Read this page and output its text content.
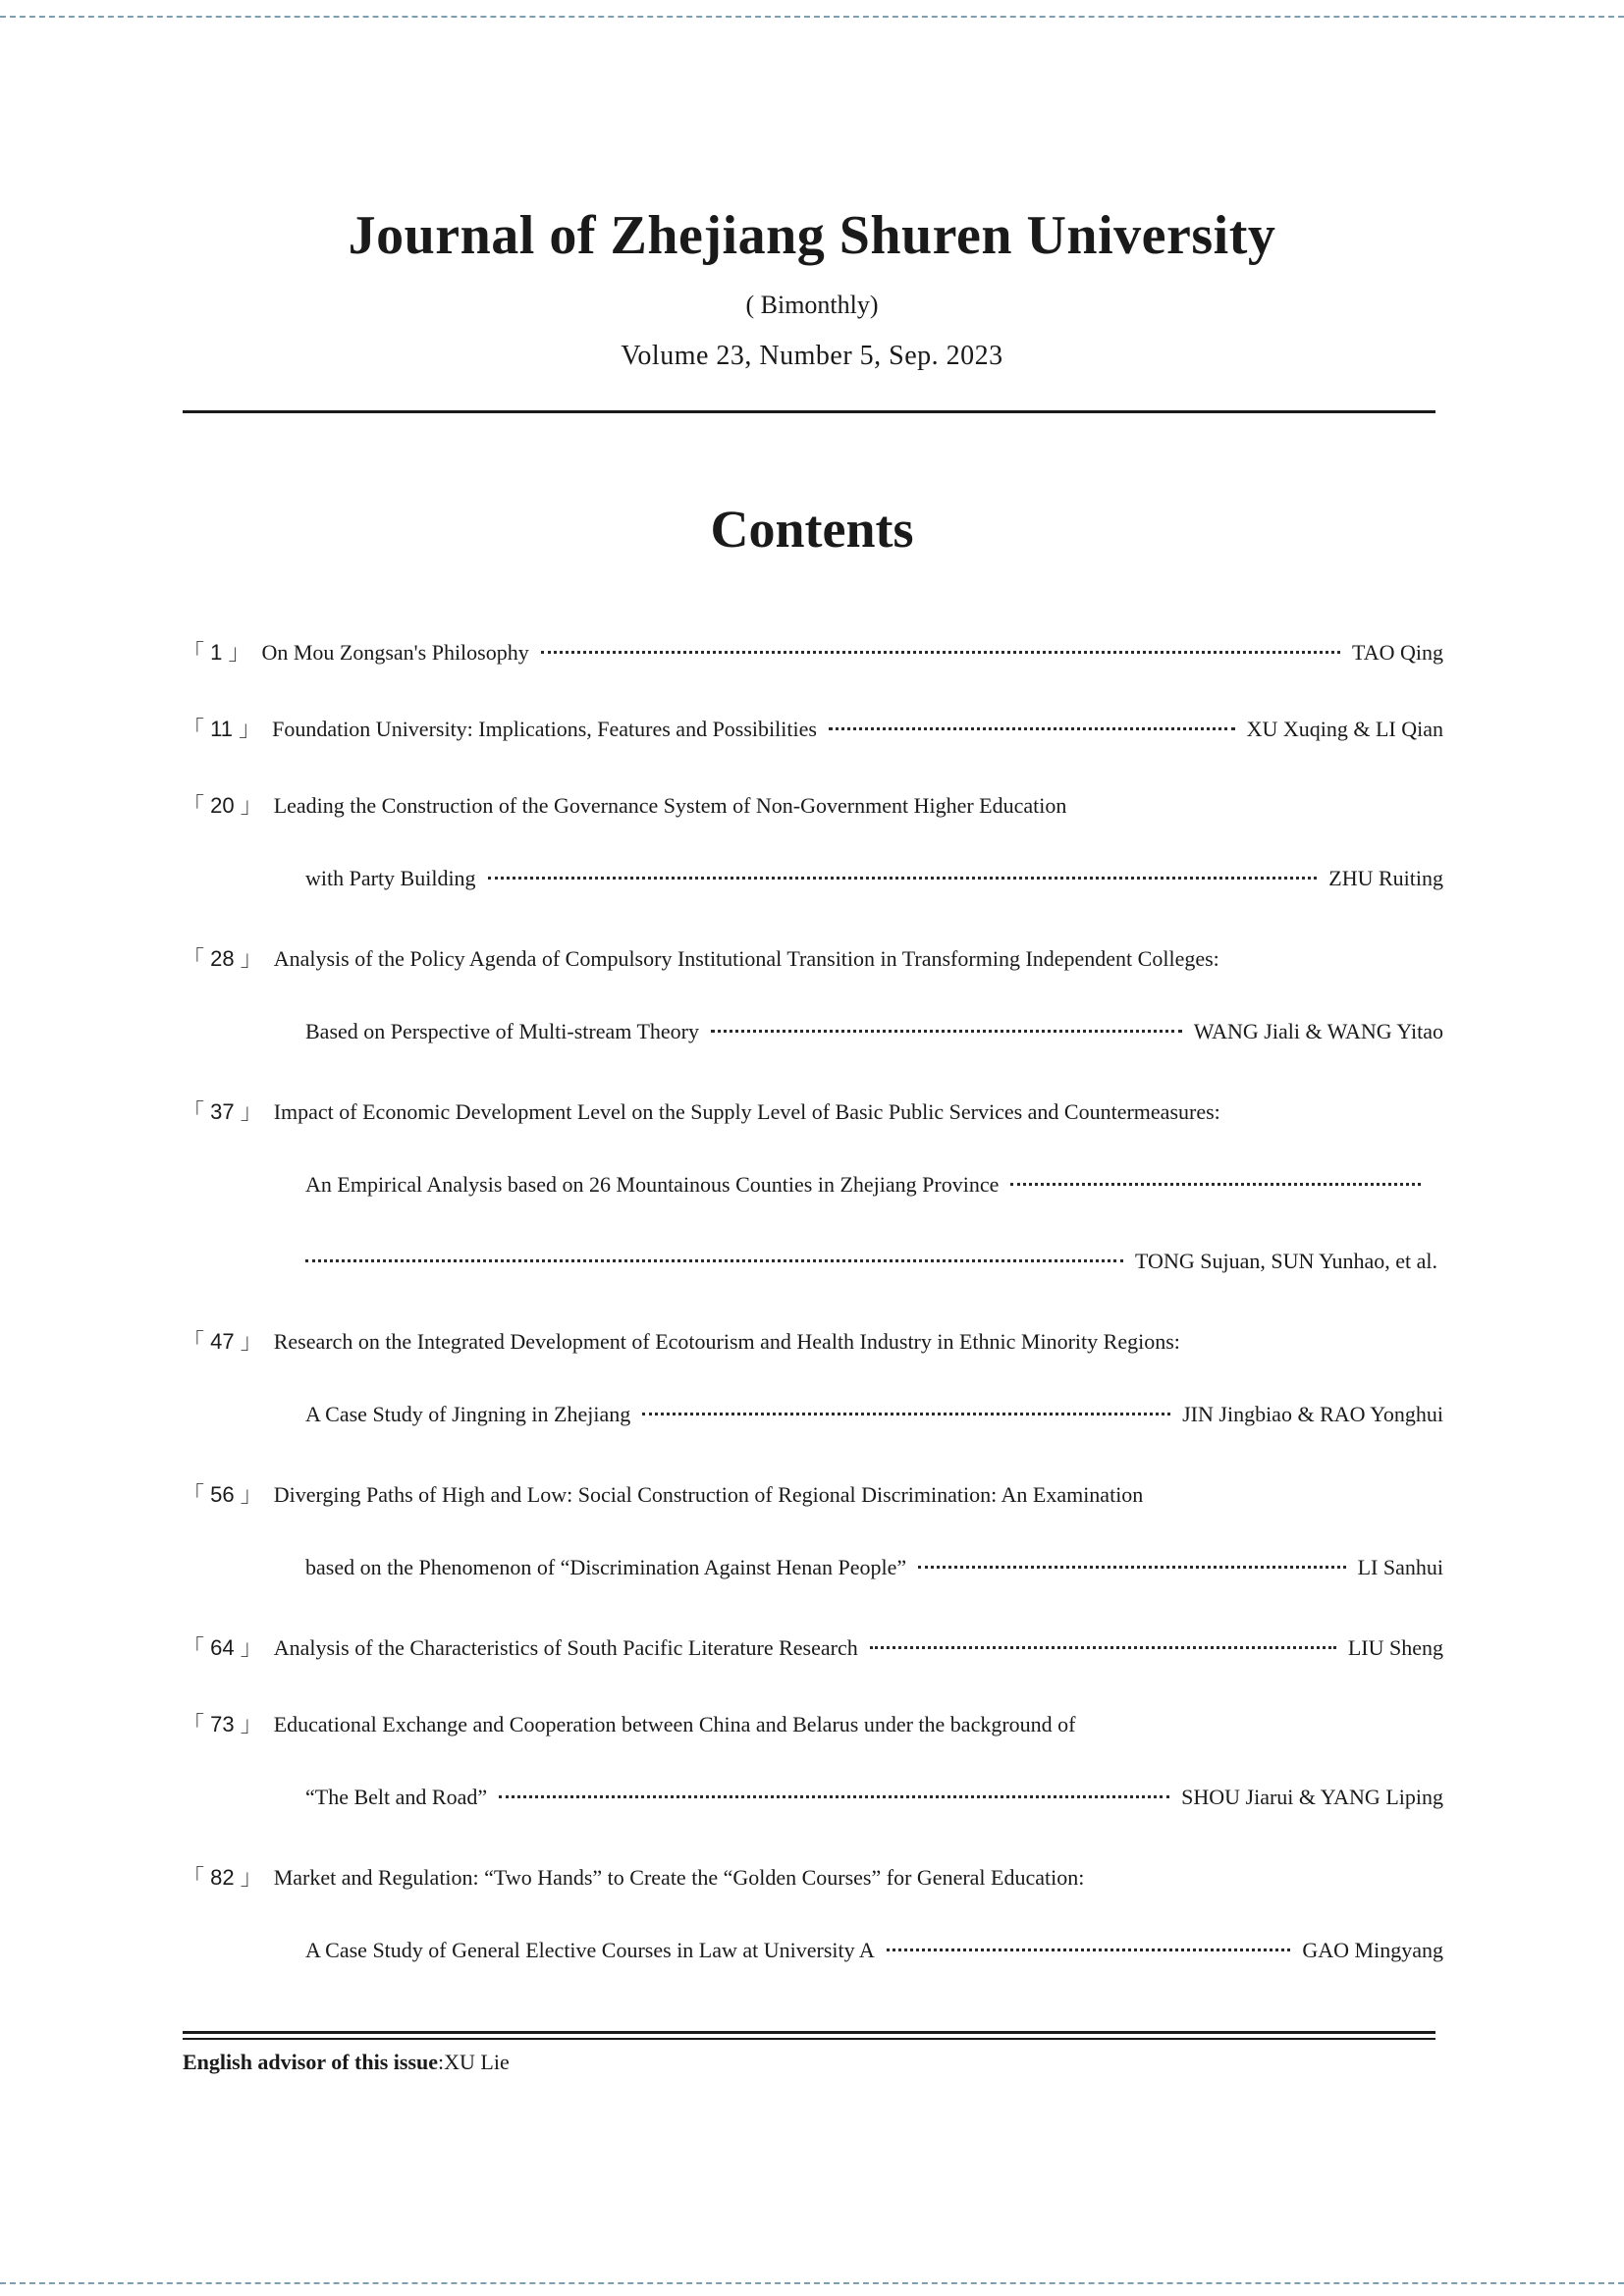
Journal of Zhejiang Shuren University
( Bimonthly)
Volume 23, Number 5, Sep. 2023
Contents
「 1 」 On Mou Zongsan's Philosophy	TAO Qing
「 11 」 Foundation University: Implications, Features and Possibilities	XU Xuqing & LI Qian
「 20 」 Leading the Construction of the Governance System of Non-Government Higher Education
with Party Building	ZHU Ruiting
「 28 」 Analysis of the Policy Agenda of Compulsory Institutional Transition in Transforming Independent Colleges:
Based on Perspective of Multi-stream Theory	WANG Jiali & WANG Yitao
「 37 」 Impact of Economic Development Level on the Supply Level of Basic Public Services and Countermeasures:
An Empirical Analysis based on 26 Mountainous Counties in Zhejiang Province
TONG Sujuan, SUN Yunhao, et al.
「 47 」 Research on the Integrated Development of Ecotourism and Health Industry in Ethnic Minority Regions:
A Case Study of Jingning in Zhejiang	JIN Jingbiao & RAO Yonghui
「 56 」 Diverging Paths of High and Low: Social Construction of Regional Discrimination: An Examination
based on the Phenomenon of “Discrimination Against Henan People”	LI Sanhui
「 64 」 Analysis of the Characteristics of South Pacific Literature Research	LIU Sheng
「 73 」 Educational Exchange and Cooperation between China and Belarus under the background of
“The Belt and Road”	SHOU Jiarui & YANG Liping
「 82 」 Market and Regulation: “Two Hands” to Create the “Golden Courses” for General Education:
A Case Study of General Elective Courses in Law at University A	GAO Mingyang
English advisor of this issue:XU Lie
